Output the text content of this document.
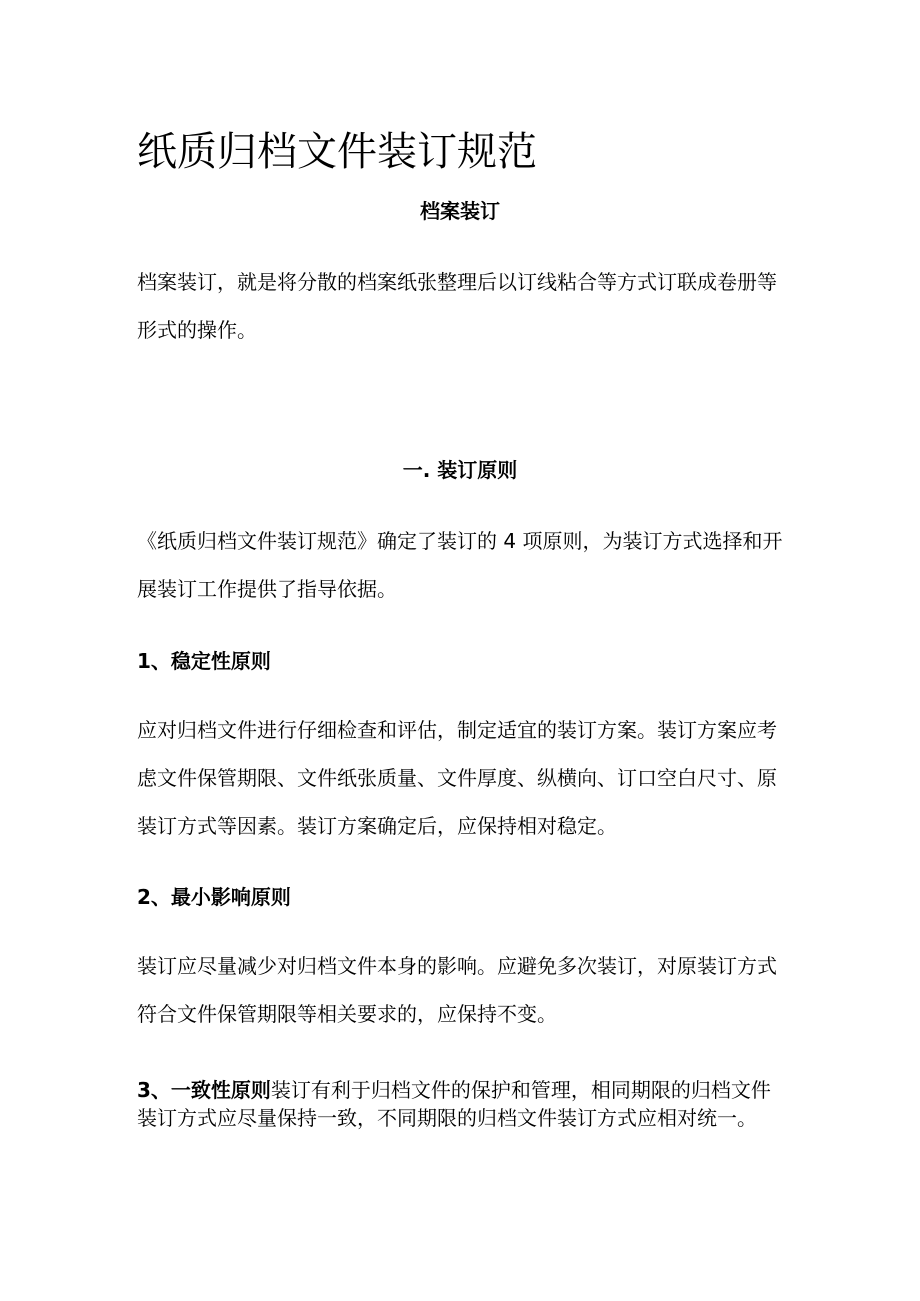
纸质归档文件装订规范
档案装订

档案装订，就是将分散的档案纸张整理后以订线粘合等方式订联成卷册等形式的操作。

一. 装订原则

《纸质归档文件装订规范》确定了装订的 4 项原则，为装订方式选择和开展装订工作提供了指导依据。

1、稳定性原则

应对归档文件进行仔细检查和评估，制定适宜的装订方案。装订方案应考虑文件保管期限、文件纸张质量、文件厚度、纵横向、订口空白尺寸、原装订方式等因素。装订方案确定后，应保持相对稳定。

2、最小影响原则

装订应尽量减少对归档文件本身的影响。应避免多次装订，对原装订方式符合文件保管期限等相关要求的，应保持不变。

3、一致性原则装订有利于归档文件的保护和管理，相同期限的归档文件装订方式应尽量保持一致，不同期限的归档文件装订方式应相对统一。
